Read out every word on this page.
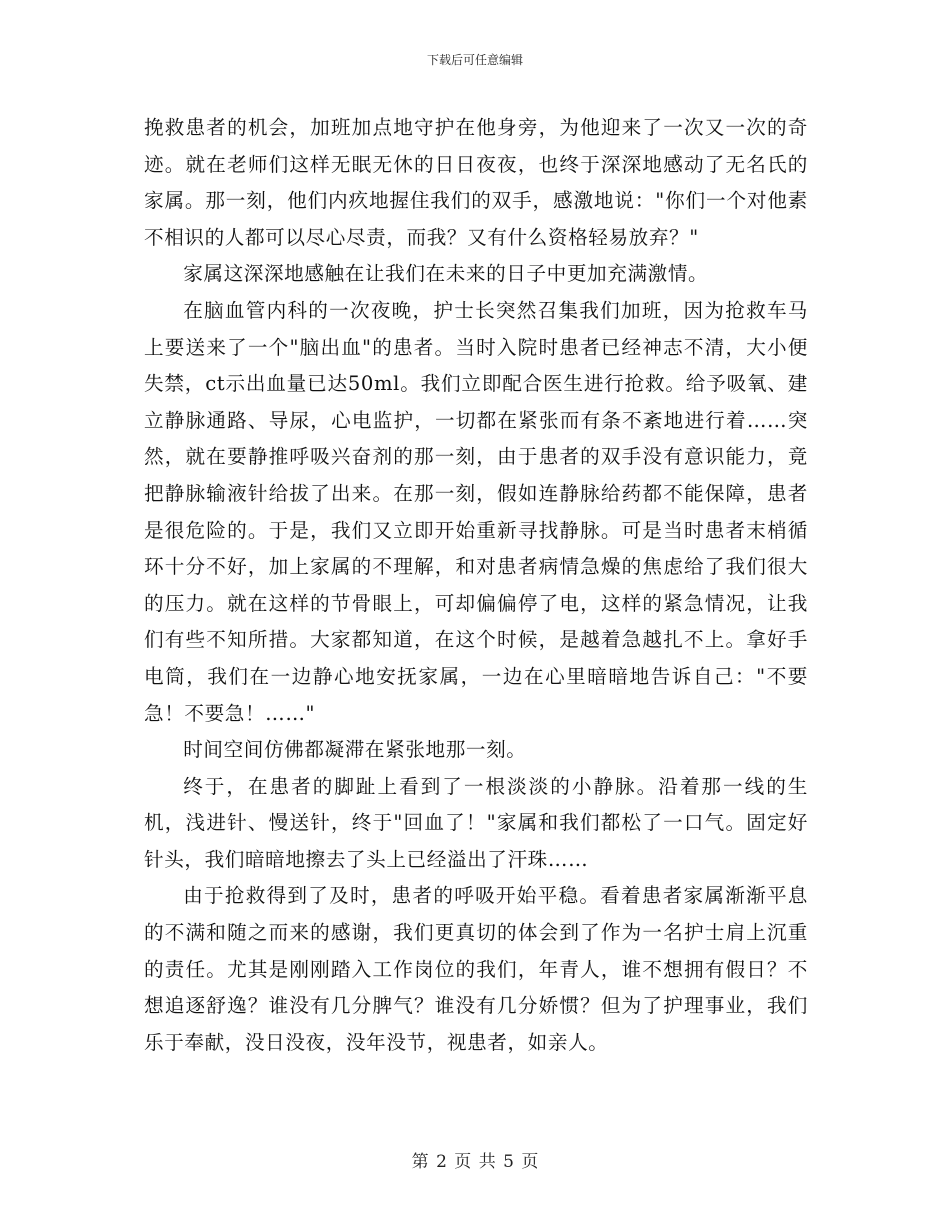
下载后可任意编辑

挽救患者的机会，加班加点地守护在他身旁，为他迎来了一次又一次的奇迹。就在老师们这样无眠无休的日日夜夜，也终于深深地感动了无名氏的家属。那一刻，他们内疚地握住我们的双手，感激地说："你们一个对他素不相识的人都可以尽心尽责，而我？又有什么资格轻易放弃？"

家属这深深地感触在让我们在未来的日子中更加充满激情。

在脑血管内科的一次夜晚，护士长突然召集我们加班，因为抢救车马上要送来了一个"脑出血"的患者。当时入院时患者已经神志不清，大小便失禁，ct示出血量已达50ml。我们立即配合医生进行抢救。给予吸氧、建立静脉通路、导尿，心电监护，一切都在紧张而有条不紊地进行着……突然，就在要静推呼吸兴奋剂的那一刻，由于患者的双手没有意识能力，竟把静脉输液针给拔了出来。在那一刻，假如连静脉给药都不能保障，患者是很危险的。于是，我们又立即开始重新寻找静脉。可是当时患者末梢循环十分不好，加上家属的不理解，和对患者病情急燥的焦虑给了我们很大的压力。就在这样的节骨眼上，可却偏偏停了电，这样的紧急情况，让我们有些不知所措。大家都知道，在这个时候，是越着急越扎不上。拿好手电筒，我们在一边静心地安抚家属，一边在心里暗暗地告诉自己："不要急！不要急！……"

时间空间仿佛都凝滞在紧张地那一刻。

终于，在患者的脚趾上看到了一根淡淡的小静脉。沿着那一线的生机，浅进针、慢送针，终于"回血了！"家属和我们都松了一口气。固定好针头，我们暗暗地擦去了头上已经溢出了汗珠……

由于抢救得到了及时，患者的呼吸开始平稳。看着患者家属渐渐平息的不满和随之而来的感谢，我们更真切的体会到了作为一名护士肩上沉重的责任。尤其是刚刚踏入工作岗位的我们，年青人，谁不想拥有假日？不想追逐舒逸？谁没有几分脾气？谁没有几分娇惯？但为了护理事业，我们乐于奉献，没日没夜，没年没节，视患者，如亲人。

第 2 页 共 5 页
